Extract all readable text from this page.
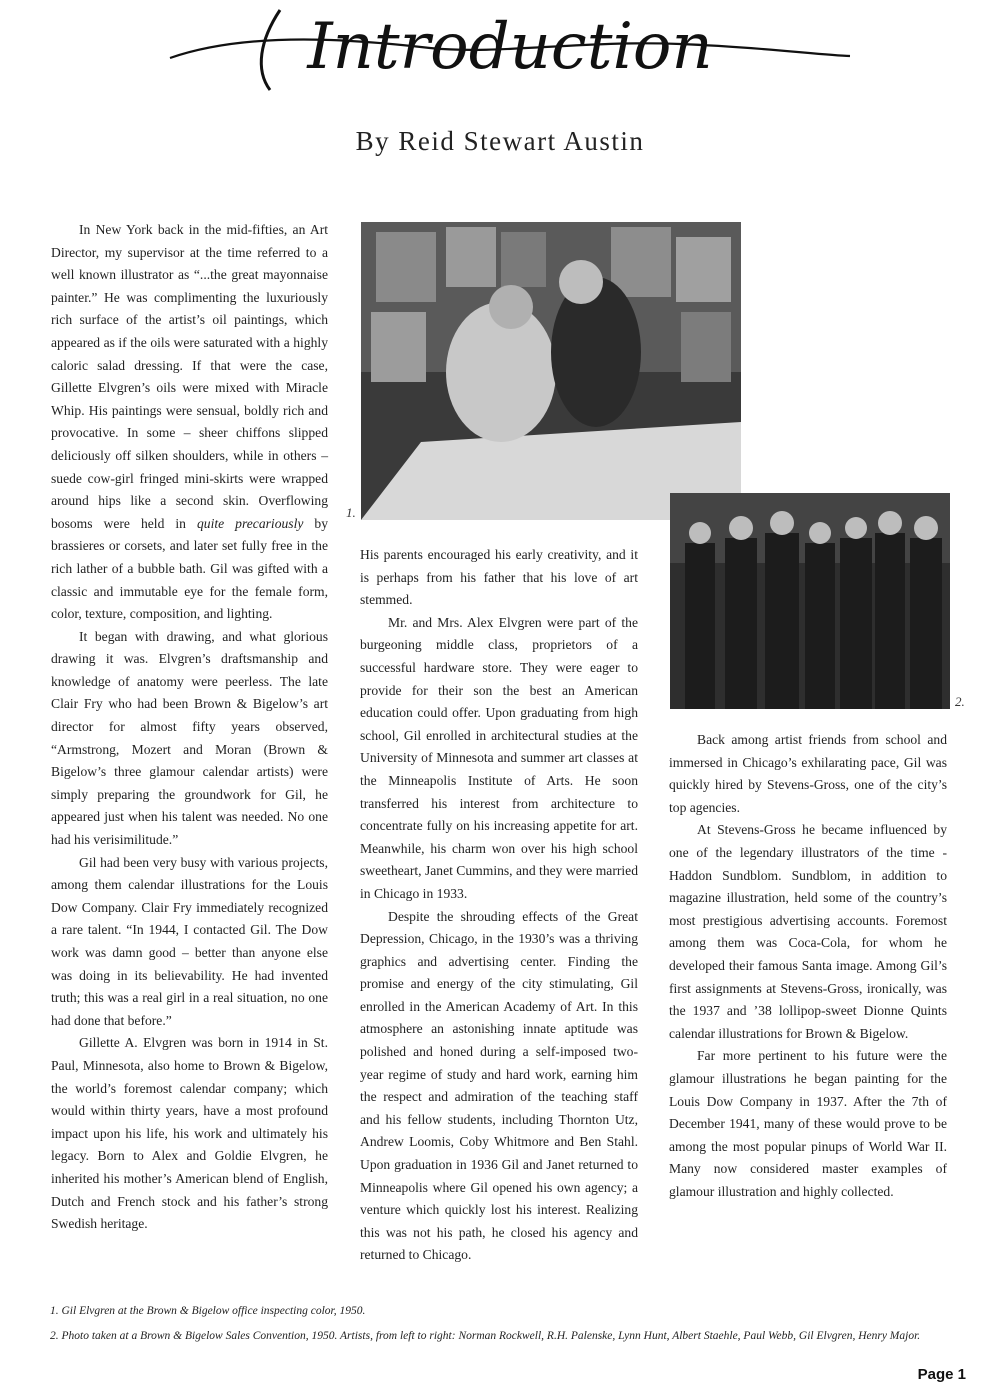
Introduction
By Reid Stewart Austin

In New York back in the mid-fifties, an Art Director, my supervisor at the time referred to a well known illustrator as “...the great mayonnaise painter.” He was complimenting the luxuriously rich surface of the artist’s oil paintings, which appeared as if the oils were saturated with a highly caloric salad dressing. If that were the case, Gillette Elvgren’s oils were mixed with Miracle Whip. His paintings were sensual, boldly rich and provocative. In some – sheer chiffons slipped deliciously off silken shoulders, while in others – suede cow-girl fringed mini-skirts were wrapped around hips like a second skin. Overflowing bosoms were held in quite precariously by brassieres or corsets, and later set fully free in the rich lather of a bubble bath. Gil was gifted with a classic and immutable eye for the female form, color, texture, composition, and lighting.

It began with drawing, and what glorious drawing it was. Elvgren’s draftsmanship and knowledge of anatomy were peerless. The late Clair Fry who had been Brown & Bigelow’s art director for almost fifty years observed, “Armstrong, Mozert and Moran (Brown & Bigelow’s three glamour calendar artists) were simply preparing the groundwork for Gil, he appeared just when his talent was needed. No one had his verisimilitude.”

Gil had been very busy with various projects, among them calendar illustrations for the Louis Dow Company. Clair Fry immediately recognized a rare talent. “In 1944, I contacted Gil. The Dow work was damn good – better than anyone else was doing in its believability. He had invented truth; this was a real girl in a real situation, no one had done that before.”

Gillette A. Elvgren was born in 1914 in St. Paul, Minnesota, also home to Brown & Bigelow, the world’s foremost calendar company; which would within thirty years, have a most profound impact upon his life, his work and ultimately his legacy. Born to Alex and Goldie Elvgren, he inherited his mother’s American blend of English, Dutch and French stock and his father’s strong Swedish heritage.

1.

His parents encouraged his early creativity, and it is perhaps from his father that his love of art stemmed.

Mr. and Mrs. Alex Elvgren were part of the burgeoning middle class, proprietors of a successful hardware store. They were eager to provide for their son the best an American education could offer. Upon graduating from high school, Gil enrolled in architectural studies at the University of Minnesota and summer art classes at the Minneapolis Institute of Arts. He soon transferred his interest from architecture to concentrate fully on his increasing appetite for art. Meanwhile, his charm won over his high school sweetheart, Janet Cummins, and they were married in Chicago in 1933.

Despite the shrouding effects of the Great Depression, Chicago, in the 1930’s was a thriving graphics and advertising center. Finding the promise and energy of the city stimulating, Gil enrolled in the American Academy of Art. In this atmosphere an astonishing innate aptitude was polished and honed during a self-imposed two-year regime of study and hard work, earning him the respect and admiration of the teaching staff and his fellow students, including Thornton Utz, Andrew Loomis, Coby Whitmore and Ben Stahl. Upon graduation in 1936 Gil and Janet returned to Minneapolis where Gil opened his own agency; a venture which quickly lost his interest. Realizing this was not his path, he closed his agency and returned to Chicago.

2.

Back among artist friends from school and immersed in Chicago’s exhilarating pace, Gil was quickly hired by Stevens-Gross, one of the city’s top agencies.

At Stevens-Gross he became influenced by one of the legendary illustrators of the time - Haddon Sundblom. Sundblom, in addition to magazine illustration, held some of the country’s most prestigious advertising accounts. Foremost among them was Coca-Cola, for whom he developed their famous Santa image. Among Gil’s first assignments at Stevens-Gross, ironically, was the 1937 and ’38 lollipop-sweet Dionne Quints calendar illustrations for Brown & Bigelow.

Far more pertinent to his future were the glamour illustrations he began painting for the Louis Dow Company in 1937. After the 7th of December 1941, many of these would prove to be among the most popular pinups of World War II. Many now considered master examples of glamour illustration and highly collected.

1. Gil Elvgren at the Brown & Bigelow office inspecting color, 1950.

2. Photo taken at a Brown & Bigelow Sales Convention, 1950. Artists, from left to right: Norman Rockwell, R.H. Palenske, Lynn Hunt, Albert Staehle, Paul Webb, Gil Elvgren, Henry Major.

Page 1
